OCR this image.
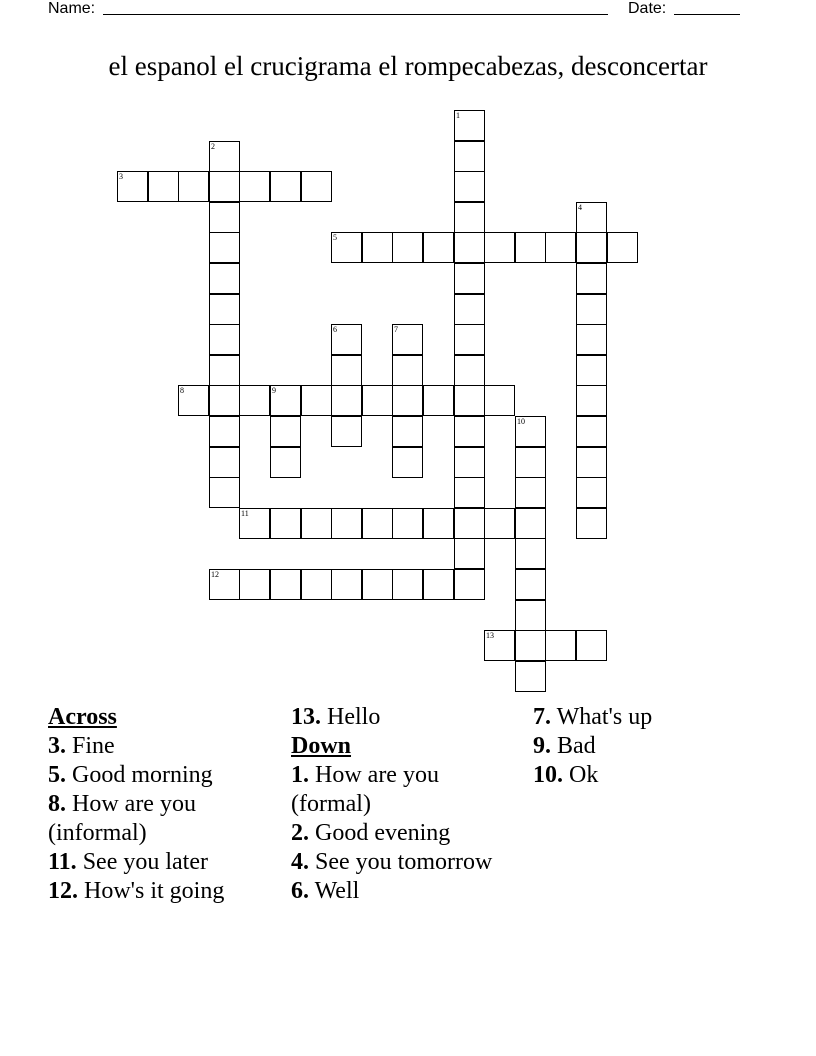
Name:	Date:
el espanol el crucigrama el rompecabezas, desconcertar
1
2
3
4
5
6	7
8	9
10
11
12
13
Across
3. Fine
5. Good morning
8. How are you (informal)
11. See you later
12. How's it going
13. Hello
Down
1. How are you (formal)
2. Good evening
4. See you tomorrow
6. Well
7. What's up
9. Bad
10. Ok
